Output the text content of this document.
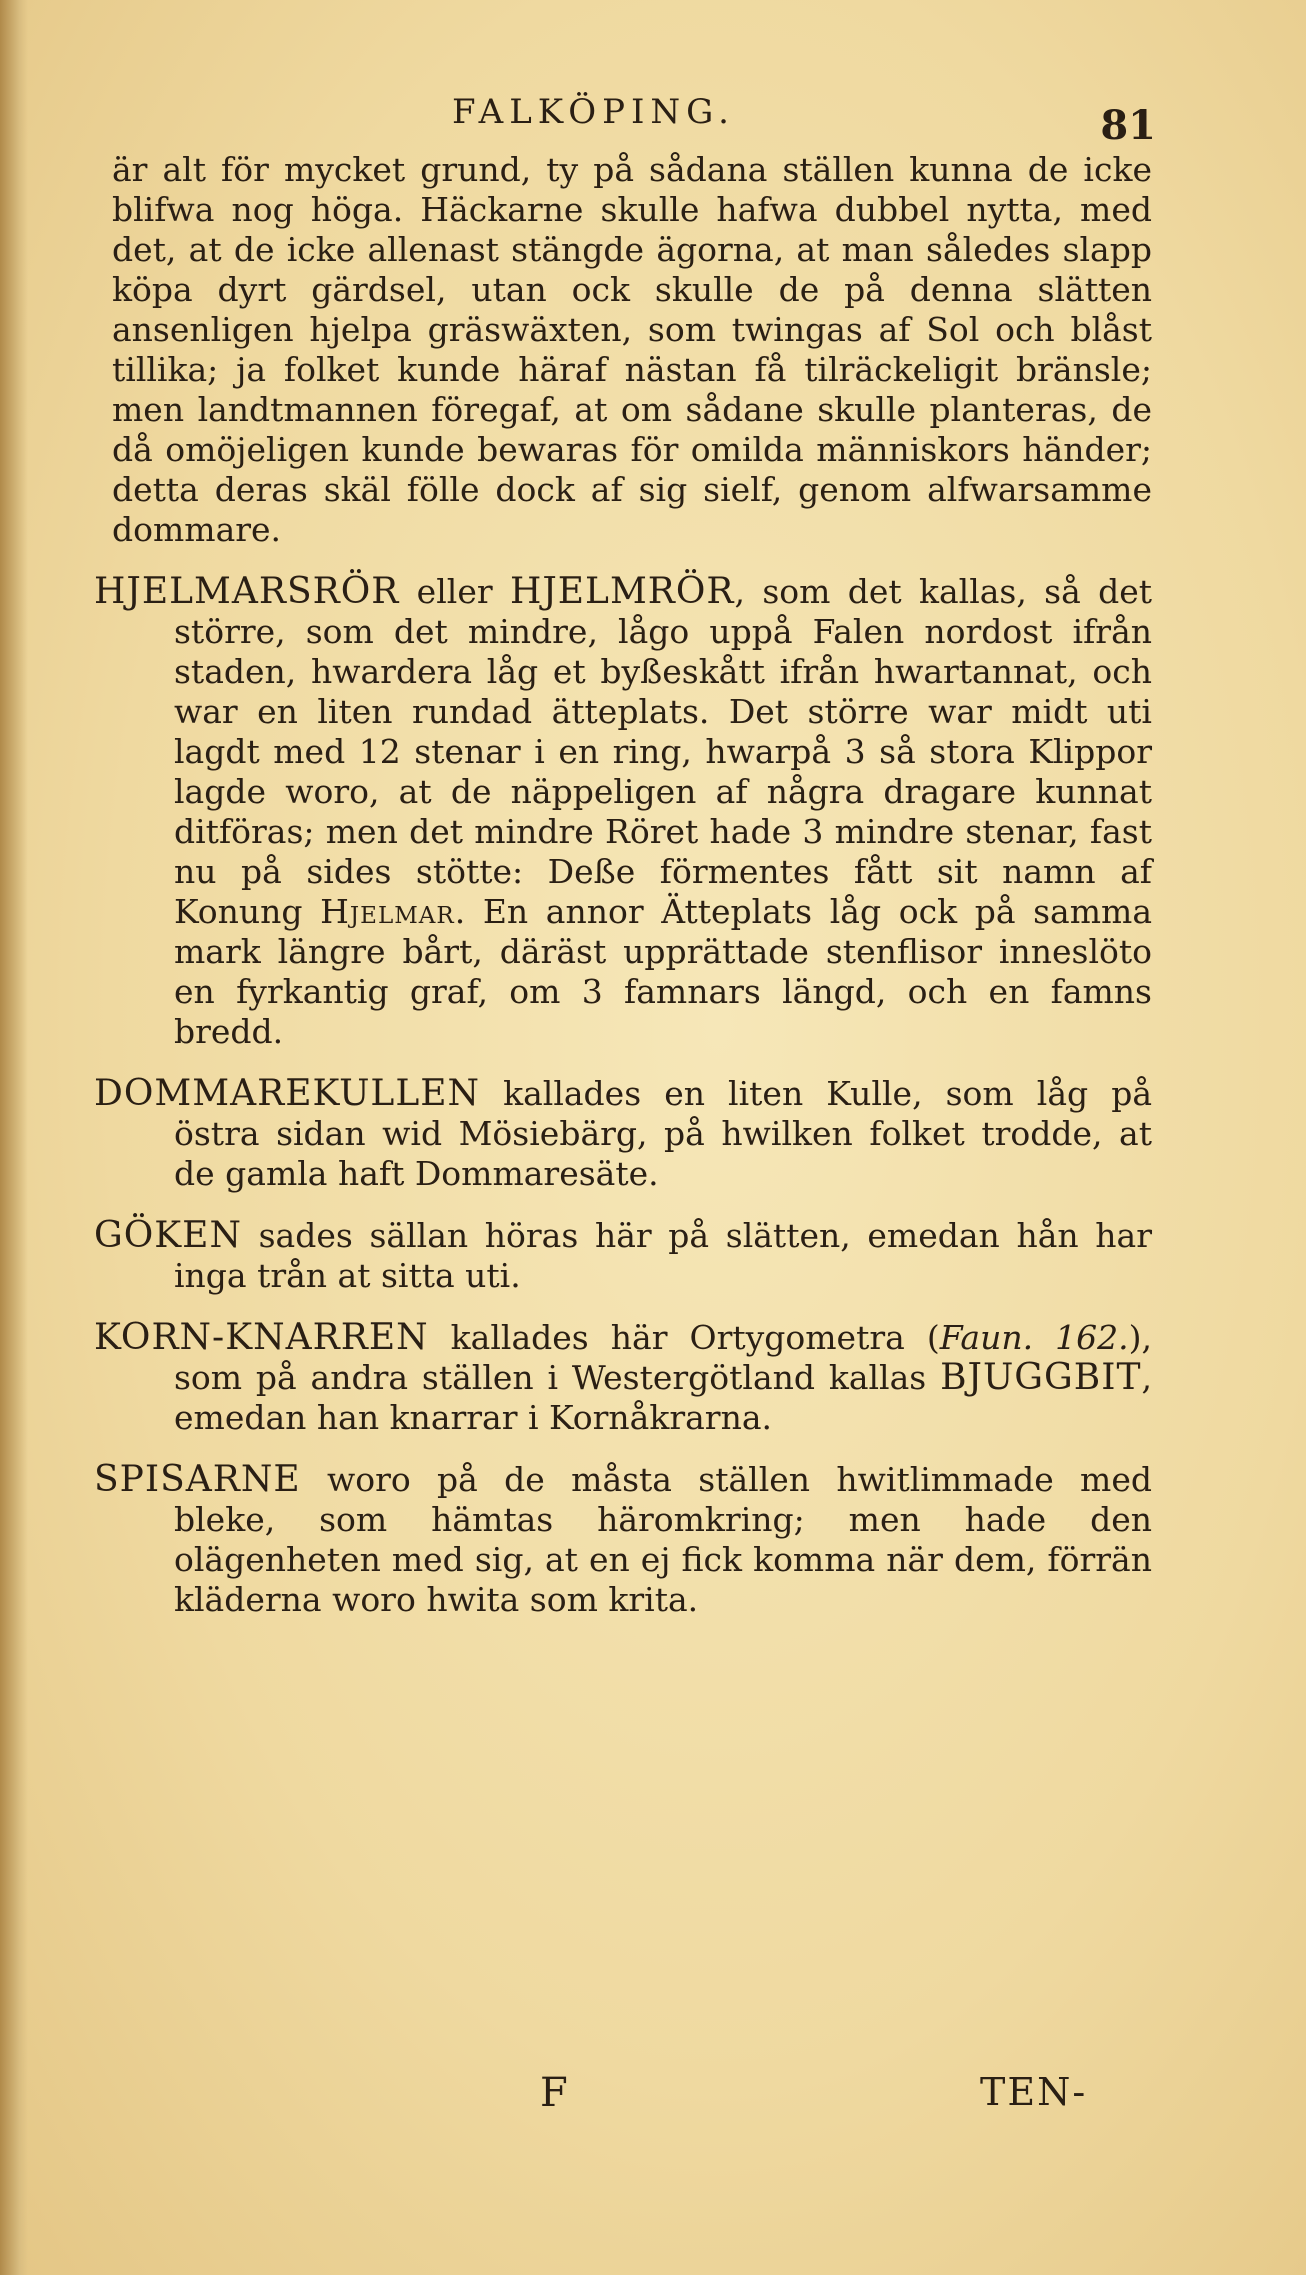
FALKÖPING.	81

är alt för mycket grund, ty på sådana ställen kunna de icke blifwa nog höga. Häckarne skulle hafwa dubbel nytta, med det, at de icke allenast stängde ägorna, at man således slapp köpa dyrt gärdsel, utan ock skulle de på denna slätten ansenligen hjelpa gräswäxten, som twingas af Sol och blåst tillika; ja folket kunde häraf nästan få tilräckeligit bränsle; men landtmannen föregaf, at om sådane skulle planteras, de då omöjeligen kunde bewaras för omilda människors händer; detta deras skäl fölle dock af sig sielf, genom alfwarsamme dommare.

HJELMARSRÖR eller HJELMRÖR, som det kallas, så det större, som det mindre, lågo uppå Falen nordost ifrån staden, hwardera låg et byßeskått ifrån hwartannat, och war en liten rundad ätteplats. Det större war midt uti lagdt med 12 stenar i en ring, hwarpå 3 så stora Klippor lagde woro, at de näppeligen af några dragare kunnat ditföras; men det mindre Röret hade 3 mindre stenar, fast nu på sides stötte: Deße förmentes fått sit namn af Konung Hjelmar. En annor Ätteplats låg ock på samma mark längre bårt, däräst upprättade stenflisor inneslöto en fyrkantig graf, om 3 famnars längd, och en famns bredd.

DOMMAREKULLEN kallades en liten Kulle, som låg på östra sidan wid Mösiebärg, på hwilken folket trodde, at de gamla haft Dommaresäte.

GÖKEN sades sällan höras här på slätten, emedan hån har inga trån at sitta uti.

KORN-KNARREN kallades här Ortygometra (Faun. 162.), som på andra ställen i Westergötland kallas BJUGGBIT, emedan han knarrar i Kornåkrarna.

SPISARNE woro på de måsta ställen hwitlimmade med bleke, som hämtas häromkring; men hade den olägenheten med sig, at en ej fick komma när dem, förrän kläderna woro hwita som krita.

F	TEN-
